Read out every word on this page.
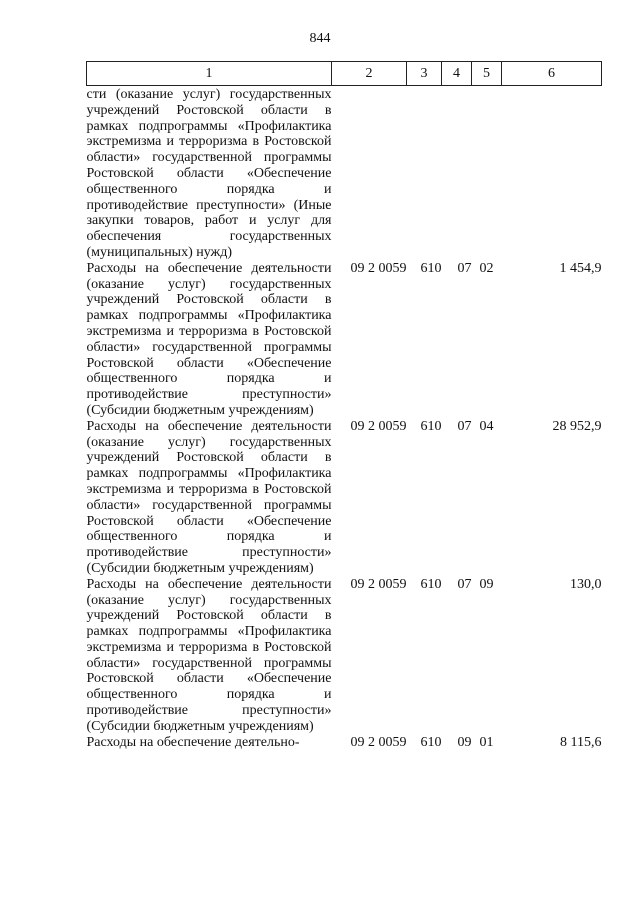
844
1	2	3	4	5	6

сти (оказание услуг) государственных учреждений Ростовской области в рамках подпрограммы «Профилактика экстремизма и терроризма в Ростовской области» государственной программы Ростовской области «Обеспечение общественного порядка и противодействие преступности» (Иные закупки товаров, работ и услуг для обеспечения государственных (муниципальных) нужд)					

Расходы на обеспечение деятельности (оказание услуг) государственных учреждений Ростовской области в рамках подпрограммы «Профилактика экстремизма и терроризма в Ростовской области» государственной программы Ростовской области «Обеспечение общественного порядка и противодействие преступности» (Субсидии бюджетным учреждениям)	09 2 0059	610	07	02	1 454,9

Расходы на обеспечение деятельности (оказание услуг) государственных учреждений Ростовской области в рамках подпрограммы «Профилактика экстремизма и терроризма в Ростовской области» государственной программы Ростовской области «Обеспечение общественного порядка и противодействие преступности» (Субсидии бюджетным учреждениям)	09 2 0059	610	07	04	28 952,9

Расходы на обеспечение деятельности (оказание услуг) государственных учреждений Ростовской области в рамках подпрограммы «Профилактика экстремизма и терроризма в Ростовской области» государственной программы Ростовской области «Обеспечение общественного порядка и противодействие преступности» (Субсидии бюджетным учреждениям)	09 2 0059	610	07	09	130,0

Расходы на обеспечение деятельно-	09 2 0059	610	09	01	8 115,6
